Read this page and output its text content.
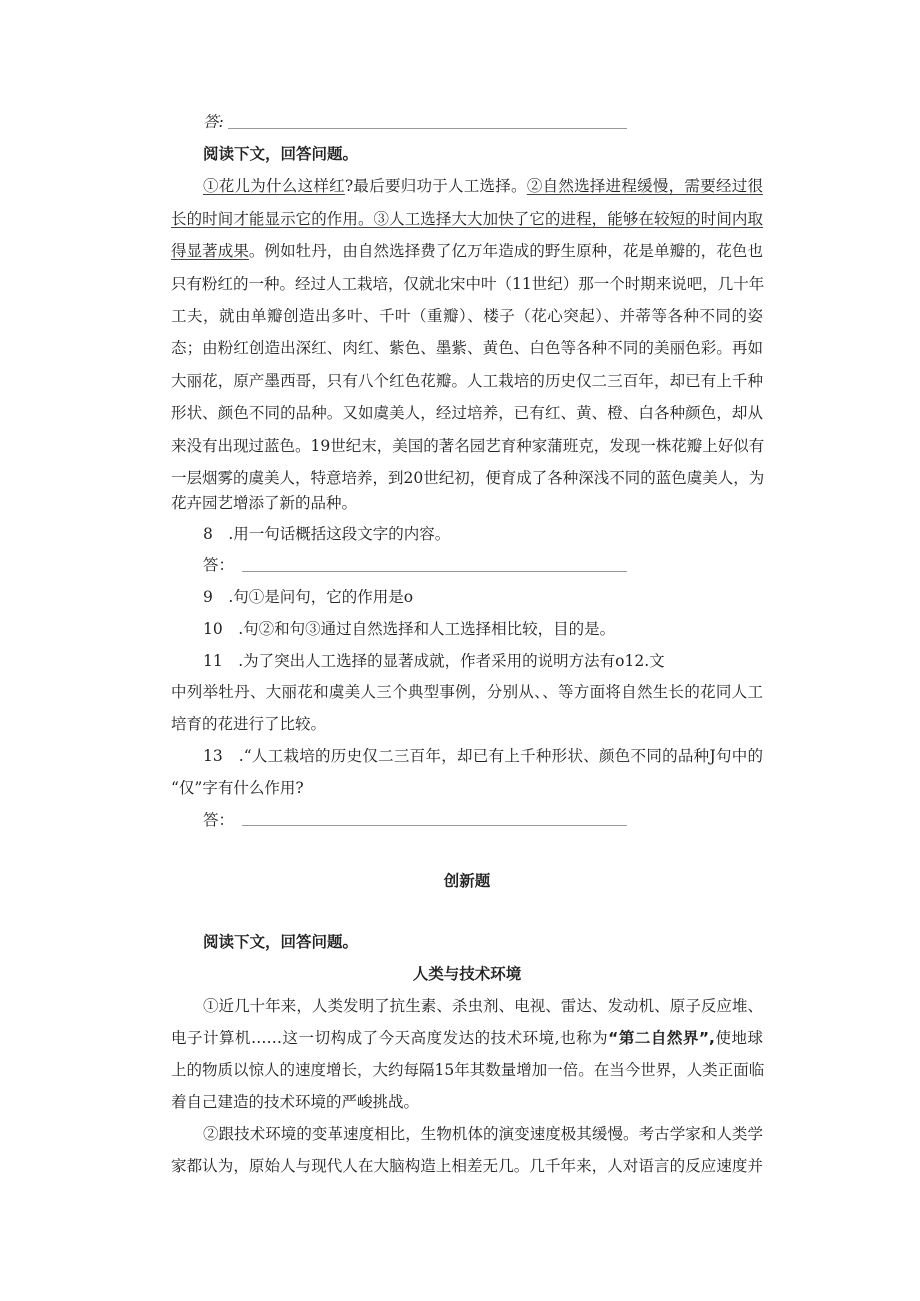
答:
阅读下文，回答问题。
①花儿为什么这样红?最后要归功于人工选择。②自然选择进程缓慢，需要经过很
长的时间才能显示它的作用。③人工选择大大加快了它的进程，能够在较短的时间内取
得显著成果。例如牡丹，由自然选择费了亿万年造成的野生原种，花是单瓣的，花色也
只有粉红的一种。经过人工栽培，仅就北宋中叶（11世纪）那一个时期来说吧，几十年
工夫，就由单瓣创造出多叶、千叶（重瓣）、楼子（花心突起）、并蒂等各种不同的姿
态；由粉红创造出深红、肉红、紫色、墨紫、黄色、白色等各种不同的美丽色彩。再如
大丽花，原产墨西哥，只有八个红色花瓣。人工栽培的历史仅二三百年，却已有上千种
形状、颜色不同的品种。又如虞美人，经过培养，已有红、黄、橙、白各种颜色，却从
来没有出现过蓝色。19世纪末，美国的著名园艺育种家蒲班克，发现一株花瓣上好似有
一层烟雾的虞美人，特意培养，到20世纪初，便育成了各种深浅不同的蓝色虞美人，为
花卉园艺增添了新的品种。
8　.用一句话概括这段文字的内容。
答：
9　.句①是问句，它的作用是o
10　.句②和句③通过自然选择和人工选择相比较，目的是。
11　.为了突出人工选择的显著成就，作者采用的说明方法有o12.文
中列举牡丹、大丽花和虞美人三个典型事例，分别从、、等方面将自然生长的花同人工
培育的花进行了比较。
13　.“人工栽培的历史仅二三百年，却已有上千种形状、颜色不同的品种J句中的
“仅”字有什么作用?
答：
创新题
阅读下文，回答问题。
人类与技术环境
①近几十年来，人类发明了抗生素、杀虫剂、电视、雷达、发动机、原子反应堆、
电子计算机……这一切构成了今天高度发达的技术环境,也称为“第二自然界”,使地球
上的物质以惊人的速度增长，大约每隔15年其数量增加一倍。在当今世界，人类正面临
着自己建造的技术环境的严峻挑战。
②跟技术环境的变革速度相比，生物机体的演变速度极其缓慢。考古学家和人类学
家都认为，原始人与现代人在大脑构造上相差无几。几千年来，人对语言的反应速度并
